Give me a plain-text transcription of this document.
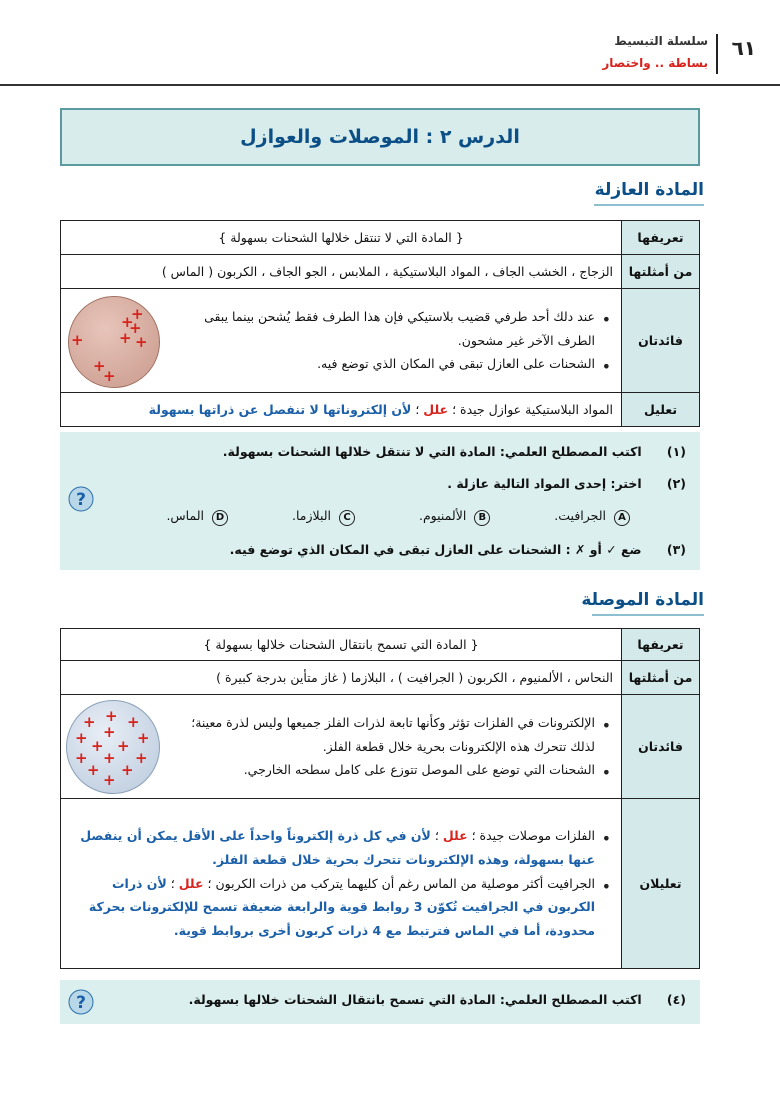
٦١
سلسلة التبسيط
بساطة .. واختصار
الدرس ٢ : الموصلات والعوازل
المادة العازلة
تعريفها	{ المادة التي لا تنتقل خلالها الشحنات بسهولة }
من أمثلتها	الزجاج ، الخشب الجاف ، المواد البلاستيكية ، الملابس ، الجو الجاف ، الكربون ( الماس )
فائدتان	• عند دلك أحد طرفي قضيب بلاستيكي فإن هذا الطرف فقط يُشحن بينما يبقى الطرف الآخر غير مشحون.
• الشحنات على العازل تبقى في المكان الذي توضع فيه.

تعليل	المواد البلاستيكية عوازل جيدة ؛ علل ؛ لأن إلكتروناتها لا تنفصل عن ذراتها بسهولة
+
+
+
+ +
+
+
+
(١) اكتب المصطلح العلمي: المادة التي لا تنتقل خلالها الشحنات بسهولة.
(٢) اختر: إحدى المواد التالية عازلة .
A الجرافيت. B الألمنيوم. C البلازما. D الماس.
(٣) ضع ✓ أو ✗ : الشحنات على العازل تبقى في المكان الذي توضع فيه.
?
المادة الموصلة
تعريفها	{ المادة التي تسمح بانتقال الشحنات خلالها بسهولة }
من أمثلتها	النحاس ، الألمنيوم ، الكربون ( الجرافيت ) ، البلازما ( غاز متأين بدرجة كبيرة )
فائدتان	• الإلكترونات في الفلزات تؤثر وكأنها تابعة لذرات الفلز جميعها وليس لذرة معينة؛ لذلك تتحرك هذه الإلكترونات بحرية خلال قطعة الفلز.
• الشحنات التي توضع على الموصل تتوزع على كامل سطحه الخارجي.

تعليلان	• الفلزات موصلات جيدة ؛ علل ؛ لأن في كل ذرة إلكتروناً واحداً على الأقل يمكن أن ينفصل عنها بسهولة، وهذه الإلكترونات تتحرك بحرية خلال قطعة الفلز.
• الجرافيت أكثر موصلية من الماس رغم أن كليهما يتركب من ذرات الكربون ؛ علل ؛ لأن ذرات الكربون في الجرافيت تُكوّن 3 روابط قوية والرابعة ضعيفة تسمح للإلكترونات بحركة محدودة، أما في الماس فترتبط مع 4 ذرات كربون أخرى بروابط قوية.
+
+ +
+
+	+
+ +
+ + +
+ +
+
(٤) اكتب المصطلح العلمي: المادة التي تسمح بانتقال الشحنات خلالها بسهولة.
?
